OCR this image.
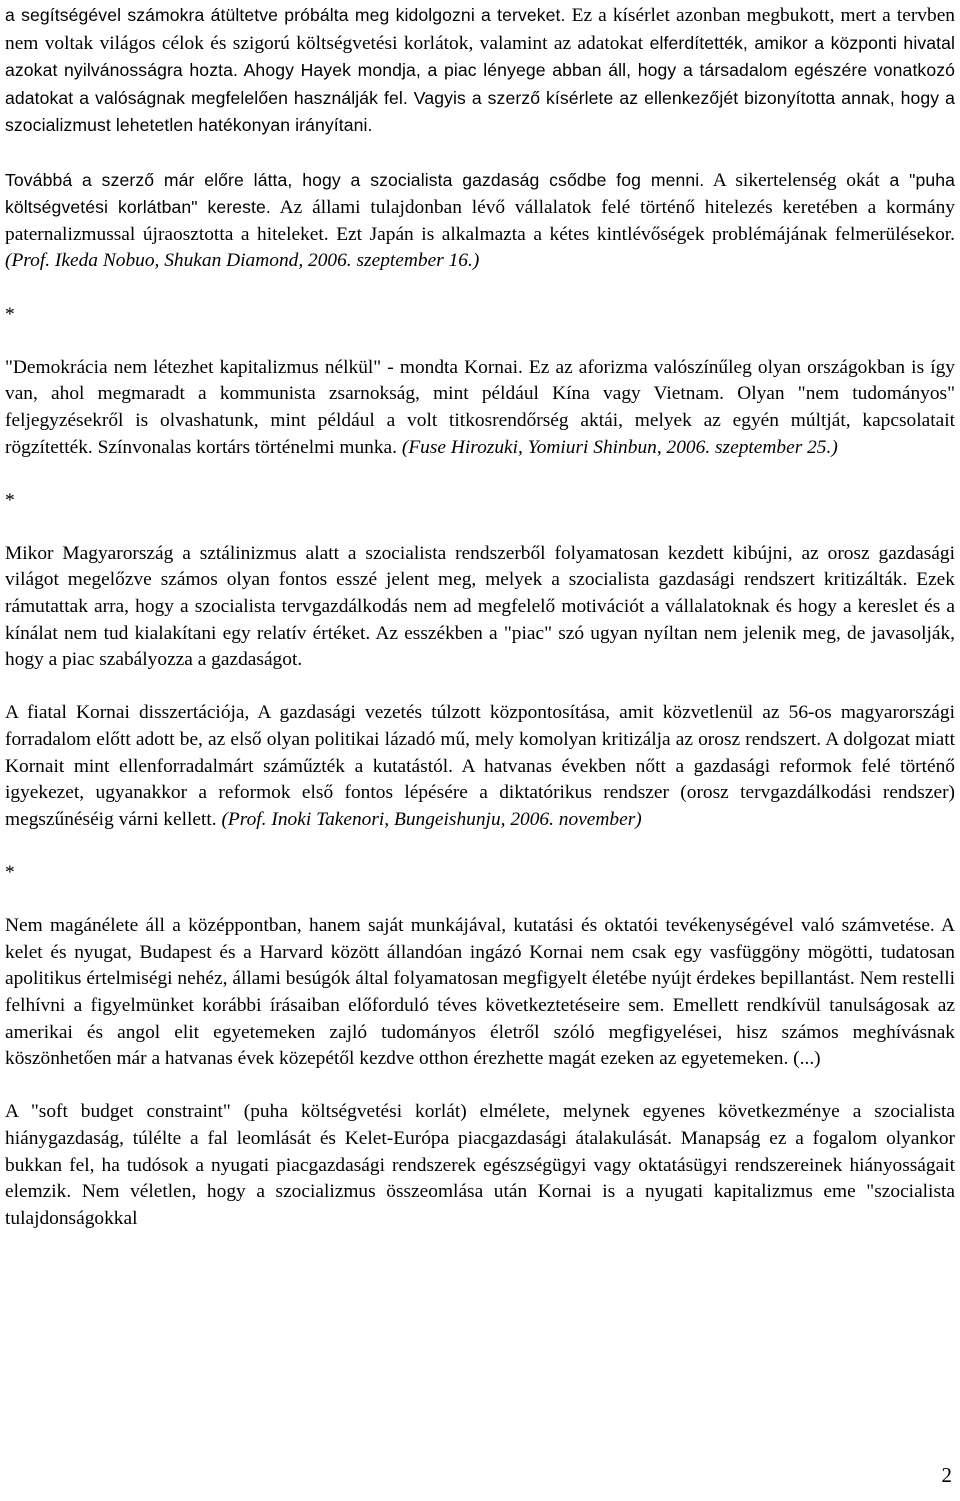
a segítségével számokra átültetve próbálta meg kidolgozni a terveket. Ez a kísérlet azonban megbukott, mert a tervben nem voltak világos célok és szigorú költségvetési korlátok, valamint az adatokat elferdítették, amikor a központi hivatal azokat nyilvánosságra hozta. Ahogy Hayek mondja, a piac lényege abban áll, hogy a társadalom egészére vonatkozó adatokat a valóságnak megfelelően használják fel. Vagyis a szerző kísérlete az ellenkezőjét bizonyította annak, hogy a szocializmust lehetetlen hatékonyan irányítani.

Továbbá a szerző már előre látta, hogy a szocialista gazdaság csődbe fog menni. A sikertelenség okát a "puha költségvetési korlátban" kereste. Az állami tulajdonban lévő vállalatok felé történő hitelezés keretében a kormány paternalizmussal újraosztotta a hiteleket. Ezt Japán is alkalmazta a kétes kintlévőségek problémájának felmerülésekor. (Prof. Ikeda Nobuo, Shukan Diamond, 2006. szeptember 16.)

*

"Demokrácia nem létezhet kapitalizmus nélkül" - mondta Kornai. Ez az aforizma valószínűleg olyan országokban is így van, ahol megmaradt a kommunista zsarnokság, mint például Kína vagy Vietnam. Olyan "nem tudományos" feljegyzésekről is olvashatunk, mint például a volt titkosrendőrség aktái, melyek az egyén múltját, kapcsolatait rögzítették. Színvonalas kortárs történelmi munka. (Fuse Hirozuki, Yomiuri Shinbun, 2006. szeptember 25.)

*

Mikor Magyarország a sztálinizmus alatt a szocialista rendszerből folyamatosan kezdett kibújni, az orosz gazdasági világot megelőzve számos olyan fontos esszé jelent meg, melyek a szocialista gazdasági rendszert kritizálták. Ezek rámutattak arra, hogy a szocialista tervgazdálkodás nem ad megfelelő motivációt a vállalatoknak és hogy a kereslet és a kínálat nem tud kialakítani egy relatív értéket. Az esszékben a "piac" szó ugyan nyíltan nem jelenik meg, de javasolják, hogy a piac szabályozza a gazdaságot.

A fiatal Kornai disszertációja, A gazdasági vezetés túlzott központosítása, amit közvetlenül az 56-os magyarországi forradalom előtt adott be, az első olyan politikai lázadó mű, mely komolyan kritizálja az orosz rendszert. A dolgozat miatt Kornait mint ellenforradalmárt száműzték a kutatástól. A hatvanas években nőtt a gazdasági reformok felé történő igyekezet, ugyanakkor a reformok első fontos lépésére a diktatórikus rendszer (orosz tervgazdálkodási rendszer) megszűnéséig várni kellett. (Prof. Inoki Takenori, Bungeishunju, 2006. november)

*

Nem magánélete áll a középpontban, hanem saját munkájával, kutatási és oktatói tevékenységével való számvetése. A kelet és nyugat, Budapest és a Harvard között állandóan ingázó Kornai nem csak egy vasfüggöny mögötti, tudatosan apolitikus értelmiségi nehéz, állami besúgók által folyamatosan megfigyelt életébe nyújt érdekes bepillantást. Nem restelli felhívni a figyelmünket korábbi írásaiban előforduló téves következtetéseire sem. Emellett rendkívül tanulságosak az amerikai és angol elit egyetemeken zajló tudományos életről szóló megfigyelései, hisz számos meghívásnak köszönhetően már a hatvanas évek közepétől kezdve otthon érezhette magát ezeken az egyetemeken. (...)

A "soft budget constraint" (puha költségvetési korlát) elmélete, melynek egyenes következménye a szocialista hiánygazdaság, túlélte a fal leomlását és Kelet-Európa piacgazdasági átalakulását. Manapság ez a fogalom olyankor bukkan fel, ha tudósok a nyugati piacgazdasági rendszerek egészségügyi vagy oktatásügyi rendszereinek hiányosságait elemzik. Nem véletlen, hogy a szocializmus összeomlása után Kornai is a nyugati kapitalizmus eme "szocialista tulajdonságokkal

2
